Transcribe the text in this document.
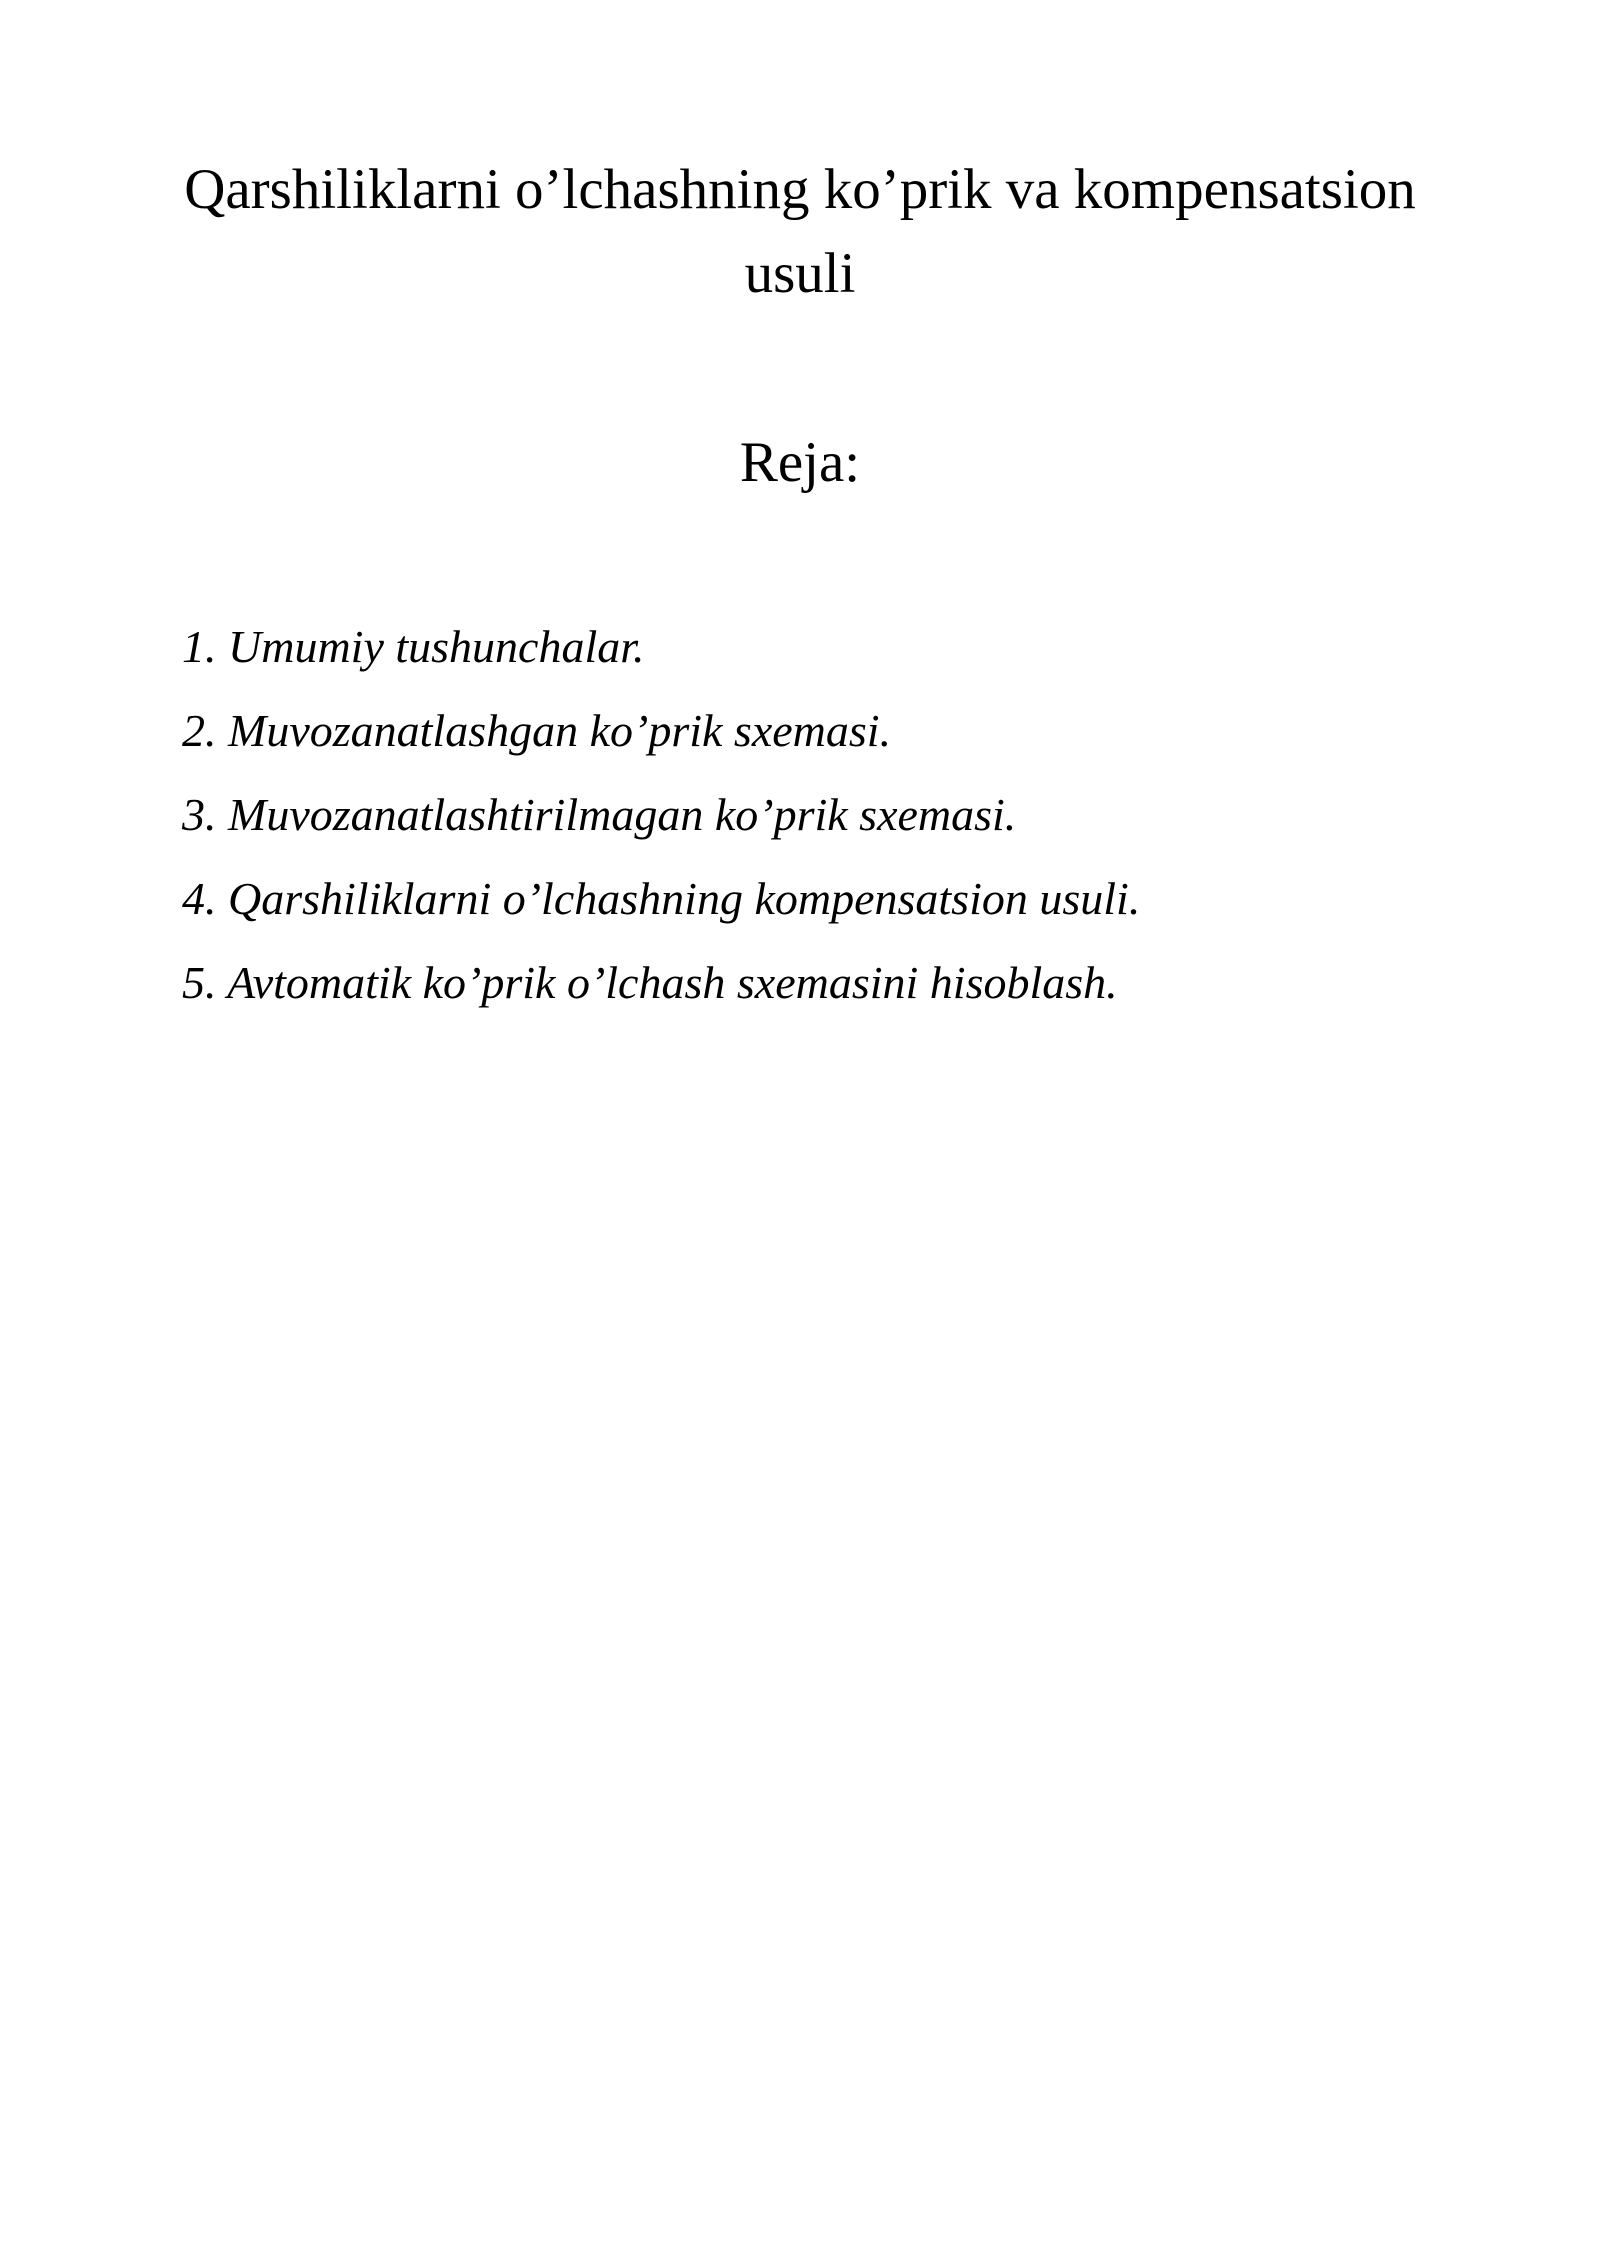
Qarshiliklarni o’lchashning ko’prik va kompensatsion
usuli
Reja:
1. Umumiy tushunchalar.
2. Muvozanatlashgan ko’prik sxemasi.
3. Muvozanatlashtirilmagan ko’prik sxemasi.
4. Qarshiliklarni o’lchashning kompensatsion usuli.
5. Avtomatik ko’prik o’lchash sxemasini hisoblash.
